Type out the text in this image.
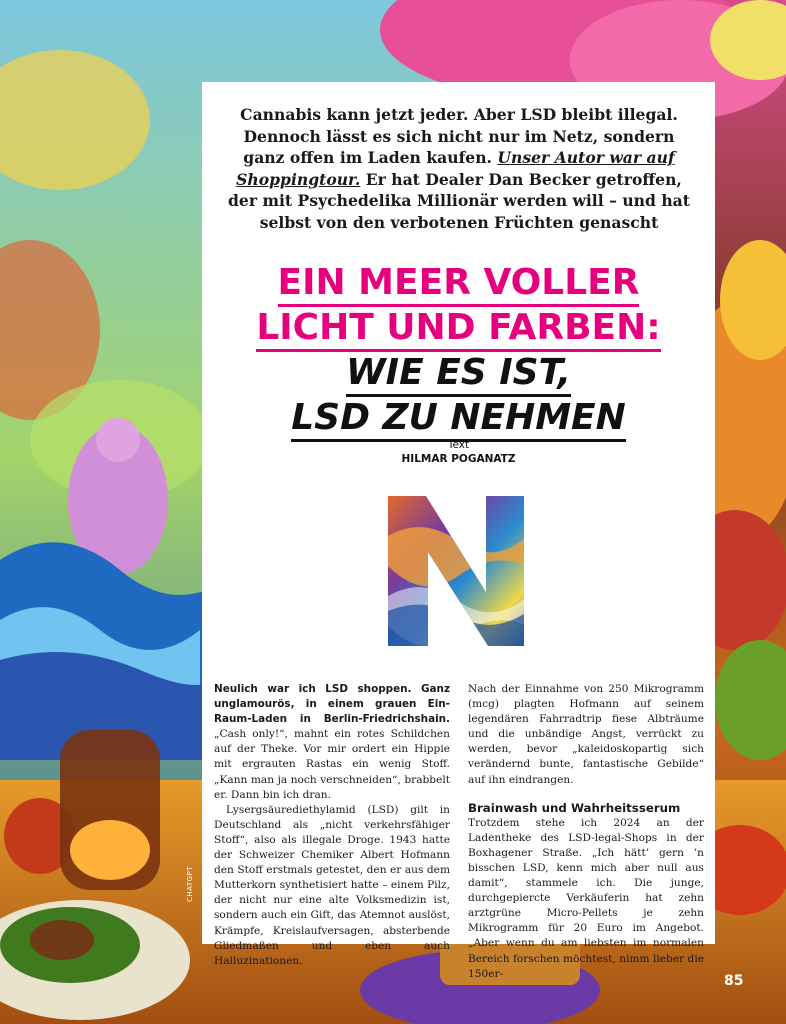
Cannabis kann jetzt jeder. Aber LSD bleibt illegal. Dennoch lässt es sich nicht nur im Netz, sondern ganz offen im Laden kaufen. Unser Autor war auf Shoppingtour. Er hat Dealer Dan Becker getroffen, der mit Psychedelika Millionär werden will – und hat selbst von den verbotenen Früchten genascht
EIN MEER VOLLER
LICHT UND FARBEN:
WIE ES IST,
LSD ZU NEHMEN
Text
HILMAR POGANATZ

Neulich war ich LSD shoppen. Ganz unglamourös, in einem grauen Ein-Raum-Laden in Berlin-Friedrichshain. „Cash only!“, mahnt ein rotes Schildchen auf der Theke. Vor mir ordert ein Hippie mit ergrauten Rastas ein wenig Stoff. „Kann man ja noch verschneiden“, brabbelt er. Dann bin ich dran.

Lysergsäurediethylamid (LSD) gilt in Deutschland als „nicht verkehrsfähiger Stoff“, also als illegale Droge. 1943 hatte der Schweizer Chemiker Albert Hofmann den Stoff erstmals getestet, den er aus dem Mutterkorn synthetisiert hatte – einem Pilz, der nicht nur eine alte Volksmedizin ist, sondern auch ein Gift, das Atemnot auslöst, Krämpfe, Kreislaufversagen, absterbende Gliedmaßen und eben auch Halluzinationen.

Nach der Einnahme von 250 Mikrogramm (mcg) plagten Hofmann auf seinem legendären Fahrradtrip fiese Albträume und die unbändige Angst, verrückt zu werden, bevor „kaleidoskopartig sich verändernd bunte, fantastische Gebilde“ auf ihn eindrangen.

Brainwash und Wahrheitsserum

Trotzdem stehe ich 2024 an der Ladentheke des LSD-legal-Shops in der Boxhagener Straße. „Ich hätt’ gern ’n bisschen LSD, kenn mich aber null aus damit“, stammele ich. Die junge, durchgepiercte Verkäuferin hat zehn arztgrüne Micro-Pellets je zehn Mikrogramm für 20 Euro im Angebot. „Aber wenn du am liebsten im normalen Bereich forschen möchtest, nimm lieber die 150er-

CHATGPT
85
